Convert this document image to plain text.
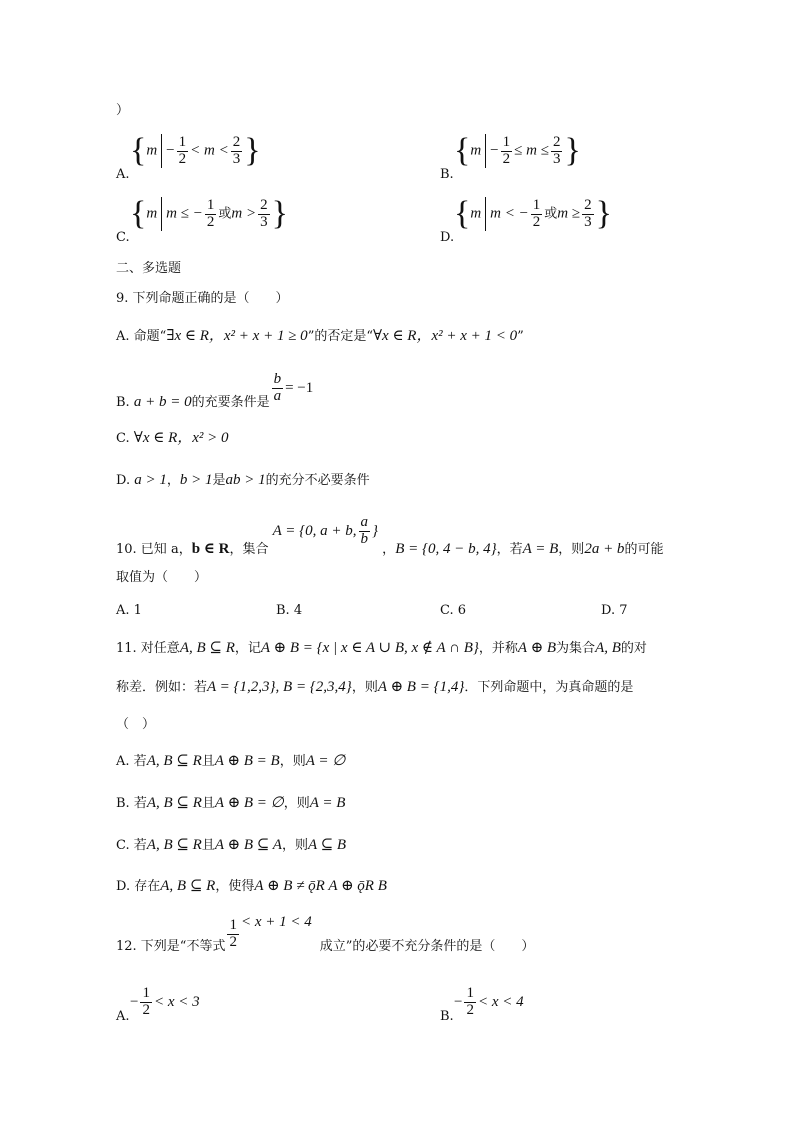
）
A.
{$m - \frac{1}{2} < m < \frac{2}{3}$ }
B.
{$m - \frac{1}{2} \le m \le \frac{2}{3}$ }
C.
{m m ≤ − $\frac{1}{2}$ 或$m > \frac{2}{3}$ }
D.
{m m < − $\frac{1}{2}$ 或$m \ge \frac{2}{3}$ }
二、多选题
9. 下列命题正确的是（　　）
A. 命题“∃x ∈ R，x² + x + 1 ≥ 0”的否定是“∀x ∈ R，x² + x + 1 < 0”
B. a + b = 0的充要条件是 $\frac{b}{a} = -1$
C. ∀x ∈ R，x² > 0
D. a > 1，b > 1是ab > 1的充分不必要条件
10. 已知 a，b ∈ R，集合 A = {0, a + b, $\frac{a}{b}$ } ，B = {0, 4 − b, 4}，若A = B，则2a + b的可能
取值为（　　）
A. 1	B. 4	C. 6	D. 7
11. 对任意A, B ⊆ R，记A ⊕ B = {x | x ∈ A ∪ B, x ∉ A ∩ B}，并称A ⊕ B为集合A, B的对
称差．例如：若A = {1,2,3}, B = {2,3,4}，则A ⊕ B = {1,4}．下列命题中，为真命题的是
（　）
A. 若A, B ⊆ R且A ⊕ B = B，则A = ∅
B. 若A, B ⊆ R且A ⊕ B = ∅，则A = B
C. 若A, B ⊆ R且A ⊕ B ⊆ A，则A ⊆ B
D. 存在A, B ⊆ R，使得A ⊕ B ≠ ǭR A ⊕ ǭR B
12. 下列是“不等式 $\frac{1}{2} < x + 1 < 4$成立”的必要不充分条件的是（　　）
A.
− $\frac{1}{2} < x < 3$
B.
− $\frac{1}{2} < x < 4$
